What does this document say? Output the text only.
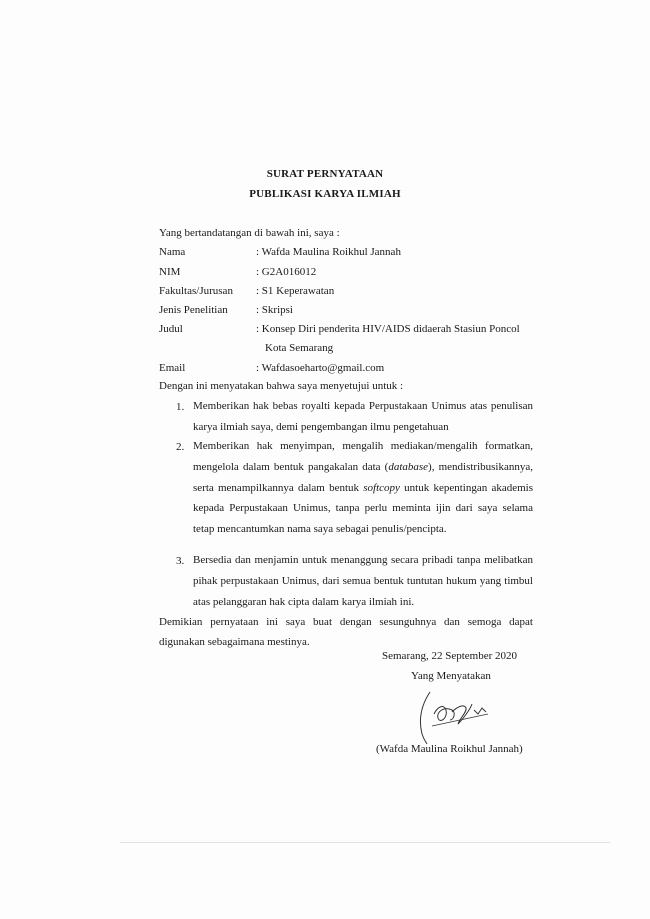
SURAT PERNYATAAN
PUBLIKASI KARYA ILMIAH
Yang bertandatangan di bawah ini, saya :
Nama	: Wafda Maulina Roikhul Jannah
NIM	: G2A016012
Fakultas/Jurusan : S1 Keperawatan
Jenis Penelitian	: Skripsi
Judul	: Konsep Diri penderita HIV/AIDS didaerah Stasiun Poncol
Kota Semarang
Email	: Wafdasoeharto@gmail.com
Dengan ini menyatakan bahwa saya menyetujui untuk :
1. Memberikan hak bebas royalti kepada Perpustakaan Unimus atas penulisan karya ilmiah saya, demi pengembangan ilmu pengetahuan
2. Memberikan hak menyimpan, mengalih mediakan/mengalih formatkan, mengelola dalam bentuk pangakalan data (database), mendistribusikannya, serta menampilkannya dalam bentuk softcopy untuk kepentingan akademis kepada Perpustakaan Unimus, tanpa perlu meminta ijin dari saya selama tetap mencantumkan nama saya sebagai penulis/pencipta.
3. Bersedia dan menjamin untuk menanggung secara pribadi tanpa melibatkan pihak perpustakaan Unimus, dari semua bentuk tuntutan hukum yang timbul atas pelanggaran hak cipta dalam karya ilmiah ini.
Demikian pernyataan ini saya buat dengan sesunguhnya dan semoga dapat digunakan sebagaimana mestinya.
Semarang, 22 September 2020
Yang Menyatakan
(Wafda Maulina Roikhul Jannah)
